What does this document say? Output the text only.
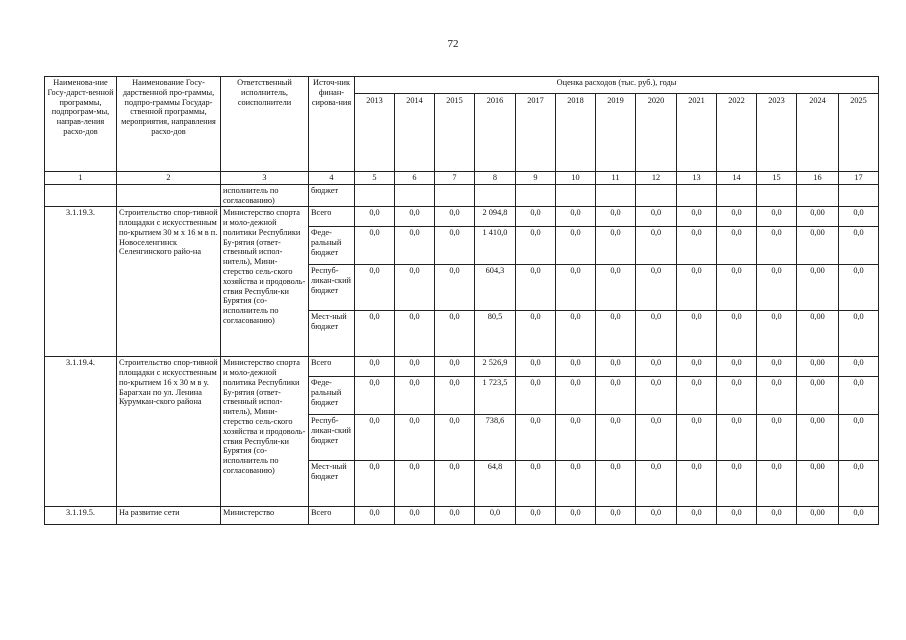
72
Наименова-ние Госу-дарст-венной программы, подпрограм-мы, направ-ления расхо-дов	Наименование Госу-дарственной про-граммы, подпро-граммы Государ-ственной программы, мероприятия, направления расхо-дов	Ответственный исполнитель, соисполнители	Источ-ник финан-сирова-ния	Оценка расходов (тыс. руб.), годы												
				2013	2014	2015	2016	2017	2018	2019	2020	2021	2022	2023	2024	2025
1	2	3	4	5	6	7	8	9	10	11	12	13	14	15	16	17
		исполнитель по согласованию)	бюджет													
3.1.19.3.	Строительство спор-тивной площадки с искусственным по-крытием 30 м х 16 м в п. Новоселенгинск Селенгинского райо-на	Министерство спорта и моло-дежной политики Республики Бу-рятия (ответ-ственный испол-нитель), Мини-стерство сель-ского хозяйства и продоволь-ствия Республи-ки Бурятия (со-исполнитель по согласованию)	Всего	0,0	0,0	0,0	2 094,8	0,0	0,0	0,0	0,0	0,0	0,0	0,0	0,00	0,0
			Феде-ральный бюджет	0,0	0,0	0,0	1 410,0	0,0	0,0	0,0	0,0	0,0	0,0	0,0	0,00	0,0
			Респуб-ликан-ский бюджет	0,0	0,0	0,0	604,3	0,0	0,0	0,0	0,0	0,0	0,0	0,0	0,00	0,0
			Мест-ный бюджет	0,0	0,0	0,0	80,5	0,0	0,0	0,0	0,0	0,0	0,0	0,0	0,00	0,0
3.1.19.4.	Строительство спор-тивной площадки с искусственным по-крытием 16 х 30 м в у. Барагхан по ул. Ленина Курумкан-ского района	Министерство спорта и моло-дежной политика Республики Бу-рятия (ответ-ственный испол-нитель), Мини-стерство сель-ского хозяйства и продоволь-ствия Республи-ки Бурятия (со-исполнитель по согласованию)	Всего	0,0	0,0	0,0	2 526,9	0,0	0,0	0,0	0,0	0,0	0,0	0,0	0,00	0,0
			Феде-ральный бюджет	0,0	0,0	0,0	1 723,5	0,0	0,0	0,0	0,0	0,0	0,0	0,0	0,00	0,0
			Респуб-ликан-ский бюджет	0,0	0,0	0,0	738,6	0,0	0,0	0,0	0,0	0,0	0,0	0,0	0,00	0,0
			Мест-ный бюджет	0,0	0,0	0,0	64,8	0,0	0,0	0,0	0,0	0,0	0,0	0,0	0,00	0,0
3.1.19.5.	На развитие сети	Министерство	Всего	0,0	0,0	0,0	0,0	0,0	0,0	0,0	0,0	0,0	0,0	0,0	0,00	0,0
